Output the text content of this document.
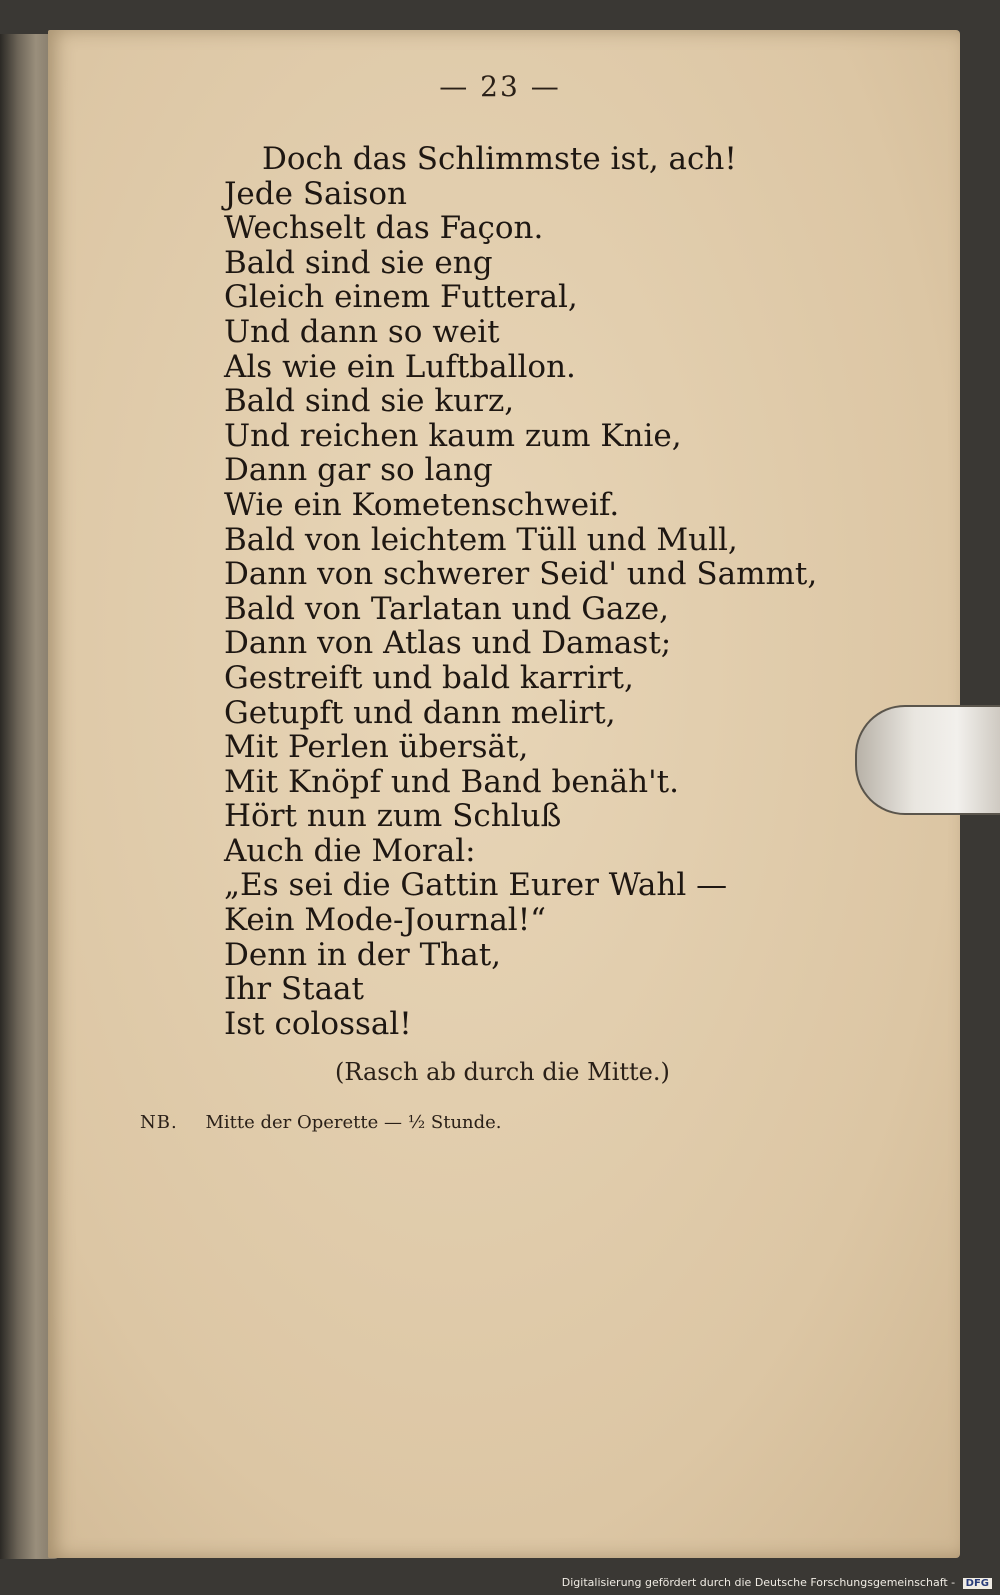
— 23 —
Doch das Schlimmste ist, ach!
Jede Saison
Wechselt das Façon.
Bald sind sie eng
Gleich einem Futteral,
Und dann so weit
Als wie ein Luftballon.
Bald sind sie kurz,
Und reichen kaum zum Knie,
Dann gar so lang
Wie ein Kometenschweif.
Bald von leichtem Tüll und Mull,
Dann von schwerer Seid' und Sammt,
Bald von Tarlatan und Gaze,
Dann von Atlas und Damast;
Gestreift und bald karrirt,
Getupft und dann melirt,
Mit Perlen übersät,
Mit Knöpf und Band benäh't.
Hört nun zum Schluß
Auch die Moral:
„Es sei die Gattin Eurer Wahl —
Kein Mode-Journal!“
Denn in der That,
Ihr Staat
Ist colossal!
(Rasch ab durch die Mitte.)
NB. Mitte der Operette — ½ Stunde.
Digitalisierung gefördert durch die Deutsche Forschungsgemeinschaft - DFG
